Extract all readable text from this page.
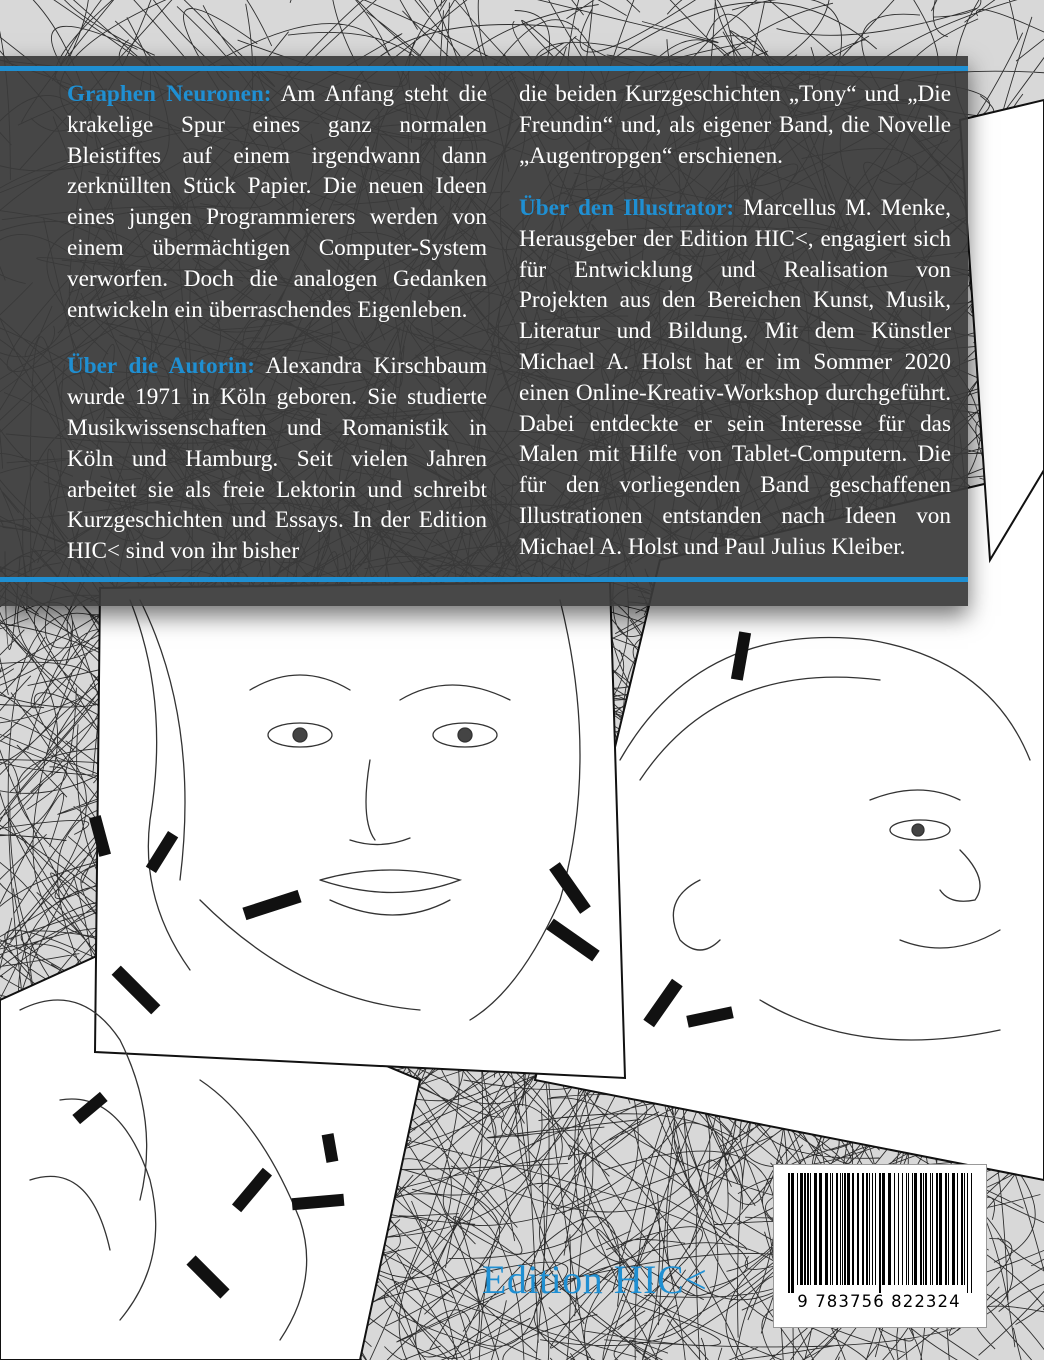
Graphen Neuronen: Am Anfang steht die krakelige Spur eines ganz normalen Bleistiftes auf einem irgendwann dann zerknüllten Stück Papier. Die neuen Ideen eines jungen Programmierers werden von einem übermächtigen Computer-System verworfen. Doch die analogen Gedanken entwickeln ein überraschendes Eigenleben.

Über die Autorin: Alexandra Kirschbaum wurde 1971 in Köln geboren. Sie studierte Musikwissenschaften und Romanistik in Köln und Hamburg. Seit vielen Jahren arbeitet sie als freie Lektorin und schreibt Kurzgeschichten und Essays. In der Edition HIC< sind von ihr bisher

die beiden Kurzgeschichten „Tony“ und „Die Freundin“ und, als eigener Band, die Novelle „Augentropgen“ erschienen.

Über den Illustrator: Marcellus M. Menke, Herausgeber der Edition HIC<, engagiert sich für Entwicklung und Realisation von Projekten aus den Bereichen Kunst, Musik, Literatur und Bildung. Mit dem Künstler Michael A. Holst hat er im Sommer 2020 einen Online-Kreativ-Workshop durchgeführt. Dabei entdeckte er sein Interesse für das Malen mit Hilfe von Tablet-Computern. Die für den vorliegenden Band geschaffenen Illustrationen entstanden nach Ideen von Michael A. Holst und Paul Julius Kleiber.

Edition HIC<	9 783756 822324
